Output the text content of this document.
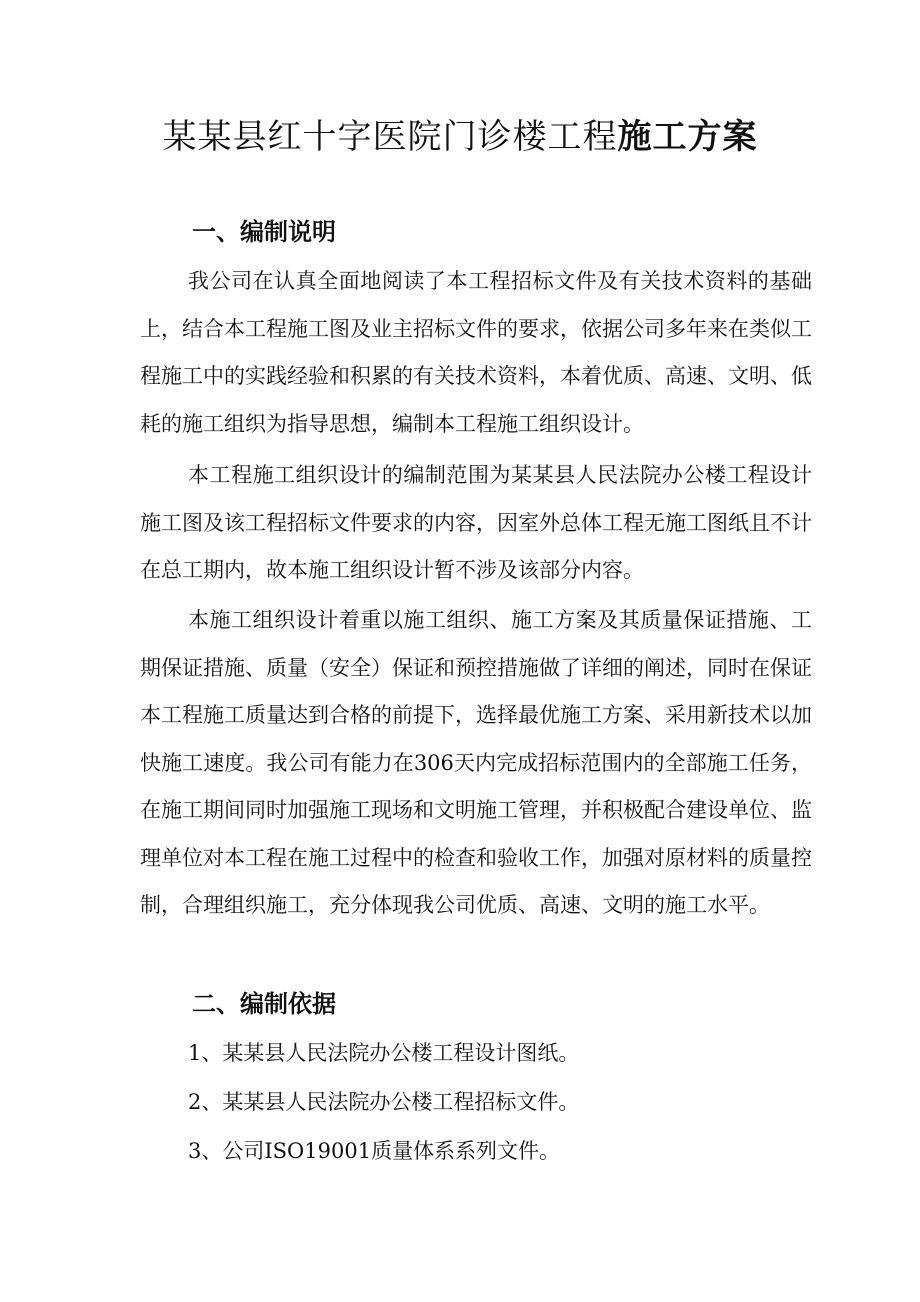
某某县红十字医院门诊楼工程施工方案
一、编制说明

我公司在认真全面地阅读了本工程招标文件及有关技术资料的基础上，结合本工程施工图及业主招标文件的要求，依据公司多年来在类似工程施工中的实践经验和积累的有关技术资料，本着优质、高速、文明、低耗的施工组织为指导思想，编制本工程施工组织设计。

本工程施工组织设计的编制范围为某某县人民法院办公楼工程设计施工图及该工程招标文件要求的内容，因室外总体工程无施工图纸且不计在总工期内，故本施工组织设计暂不涉及该部分内容。

本施工组织设计着重以施工组织、施工方案及其质量保证措施、工期保证措施、质量（安全）保证和预控措施做了详细的阐述，同时在保证本工程施工质量达到合格的前提下，选择最优施工方案、采用新技术以加快施工速度。我公司有能力在306天内完成招标范围内的全部施工任务，在施工期间同时加强施工现场和文明施工管理，并积极配合建设单位、监理单位对本工程在施工过程中的检查和验收工作，加强对原材料的质量控制，合理组织施工，充分体现我公司优质、高速、文明的施工水平。

二、编制依据

1、某某县人民法院办公楼工程设计图纸。

2、某某县人民法院办公楼工程招标文件。

3、公司ISO19001质量体系系列文件。
